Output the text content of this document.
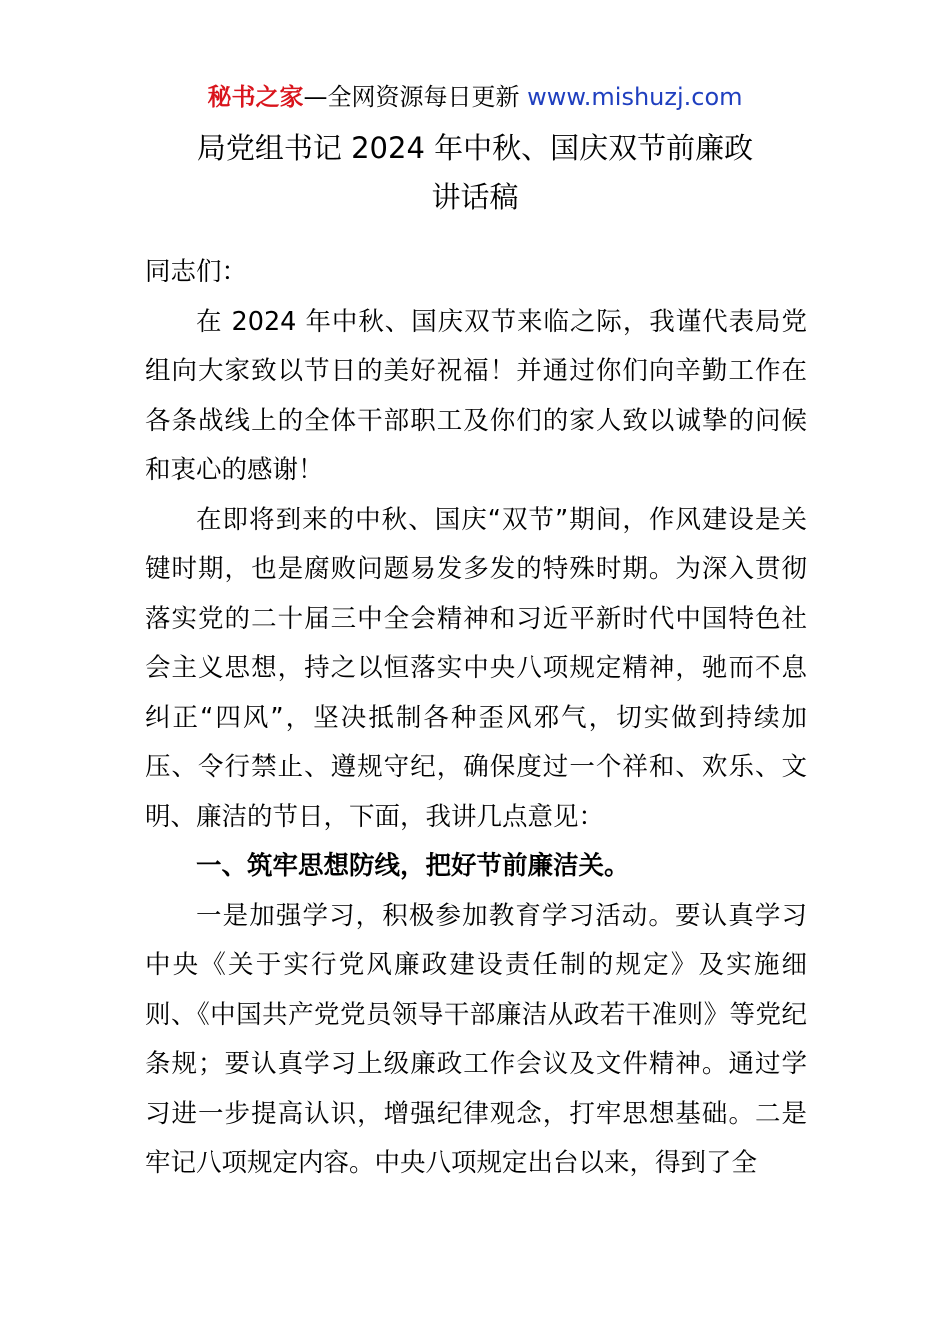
秘书之家—全网资源每日更新 www.mishuzj.com
局党组书记 2024 年中秋、国庆双节前廉政
讲话稿

同志们：

在 2024 年中秋、国庆双节来临之际，我谨代表局党组向大家致以节日的美好祝福！并通过你们向辛勤工作在各条战线上的全体干部职工及你们的家人致以诚挚的问候和衷心的感谢！

在即将到来的中秋、国庆“双节”期间，作风建设是关键时期，也是腐败问题易发多发的特殊时期。为深入贯彻落实党的二十届三中全会精神和习近平新时代中国特色社会主义思想，持之以恒落实中央八项规定精神，驰而不息纠正“四风”，坚决抵制各种歪风邪气，切实做到持续加压、令行禁止、遵规守纪，确保度过一个祥和、欢乐、文明、廉洁的节日，下面，我讲几点意见：

一、筑牢思想防线，把好节前廉洁关。

一是加强学习，积极参加教育学习活动。要认真学习中央《关于实行党风廉政建设责任制的规定》及实施细则、《中国共产党党员领导干部廉洁从政若干准则》等党纪条规；要认真学习上级廉政工作会议及文件精神。通过学习进一步提高认识，增强纪律观念，打牢思想基础。二是牢记八项规定内容。中央八项规定出台以来，得到了全
